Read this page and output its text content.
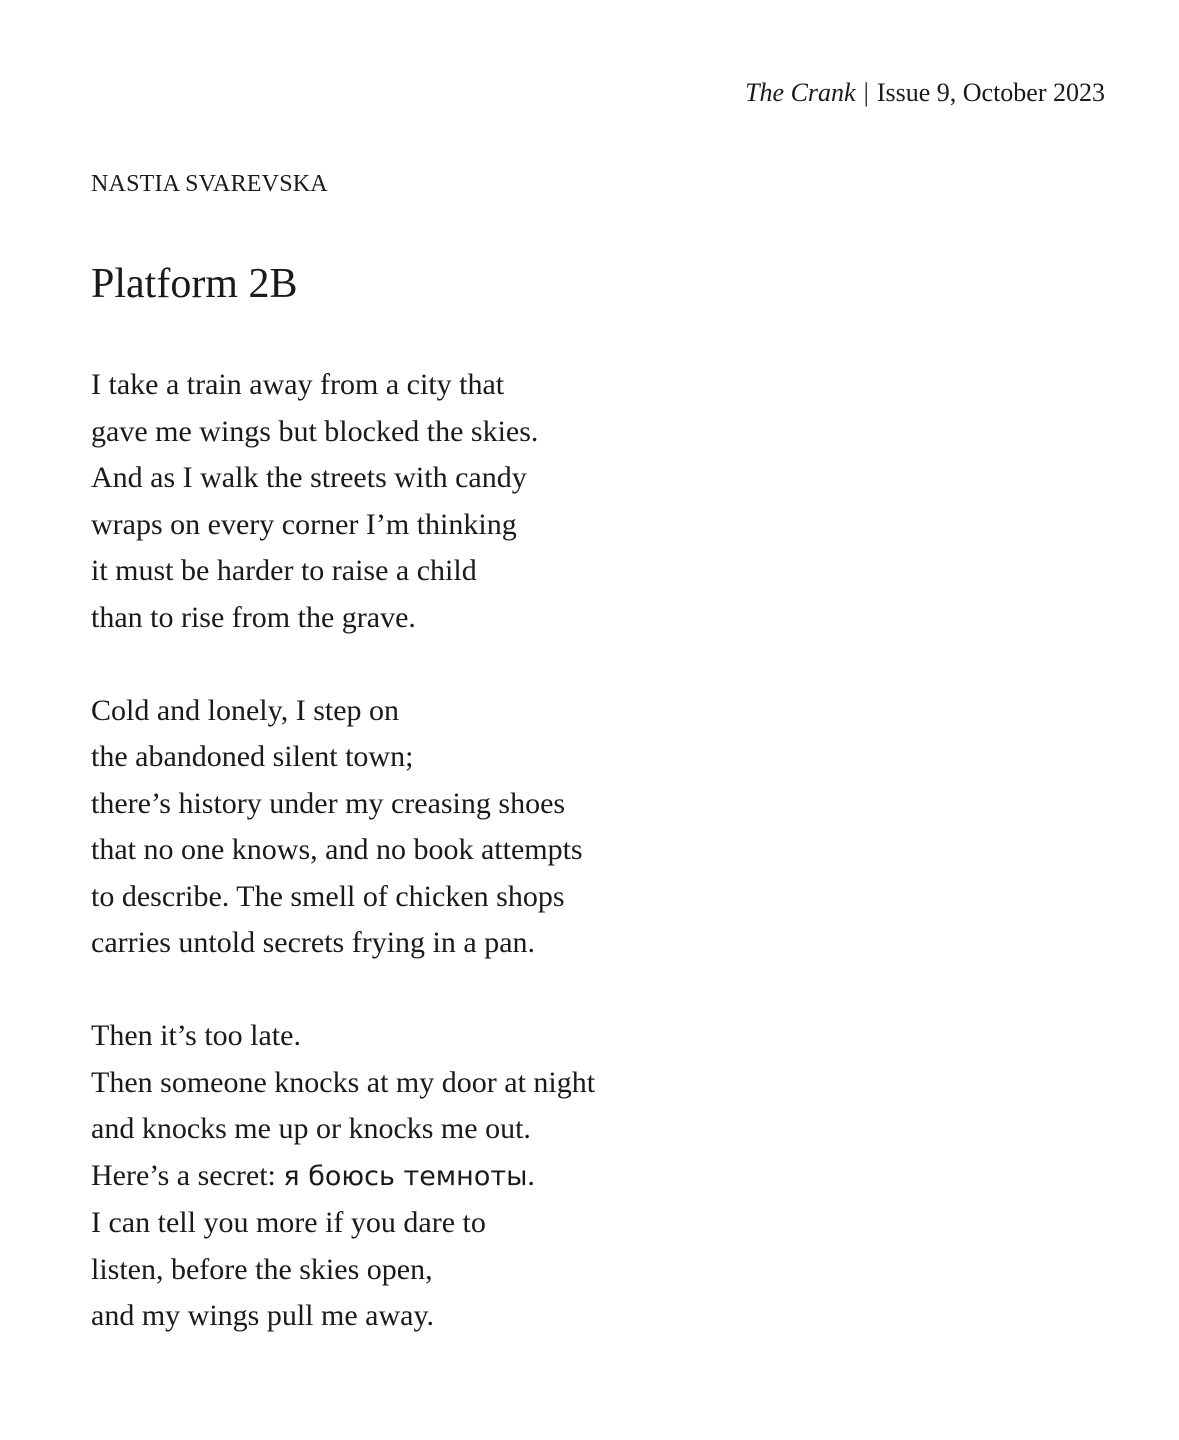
The Crank | Issue 9, October 2023
NASTIA SVAREVSKA
Platform 2B
I take a train away from a city that
gave me wings but blocked the skies.
And as I walk the streets with candy
wraps on every corner I’m thinking
it must be harder to raise a child
than to rise from the grave.
Cold and lonely, I step on
the abandoned silent town;
there’s history under my creasing shoes
that no one knows, and no book attempts
to describe. The smell of chicken shops
carries untold secrets frying in a pan.
Then it’s too late.
Then someone knocks at my door at night
and knocks me up or knocks me out.
Here’s a secret: я боюсь темноты.
I can tell you more if you dare to
listen, before the skies open,
and my wings pull me away.
